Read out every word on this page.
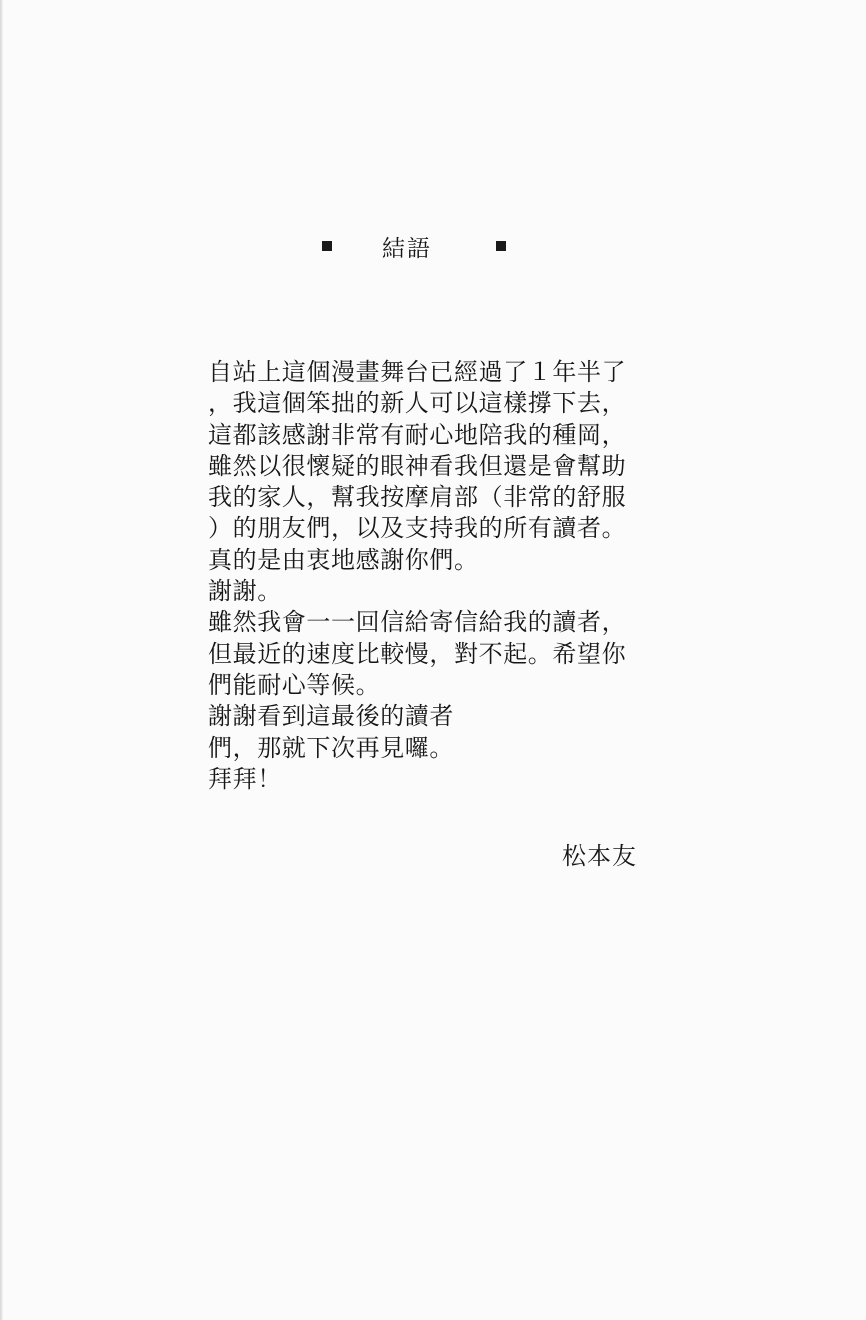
結語
自站上這個漫畫舞台已經過了１年半了
，我這個笨拙的新人可以這樣撐下去，
這都該感謝非常有耐心地陪我的種岡，
雖然以很懷疑的眼神看我但還是會幫助
我的家人，幫我按摩肩部（非常的舒服
）的朋友們，以及支持我的所有讀者。
真的是由衷地感謝你們。
謝謝。
雖然我會一一回信給寄信給我的讀者，
但最近的速度比較慢，對不起。希望你
們能耐心等候。
謝謝看到這最後的讀者
們，那就下次再見囉。
拜拜！
松本友
